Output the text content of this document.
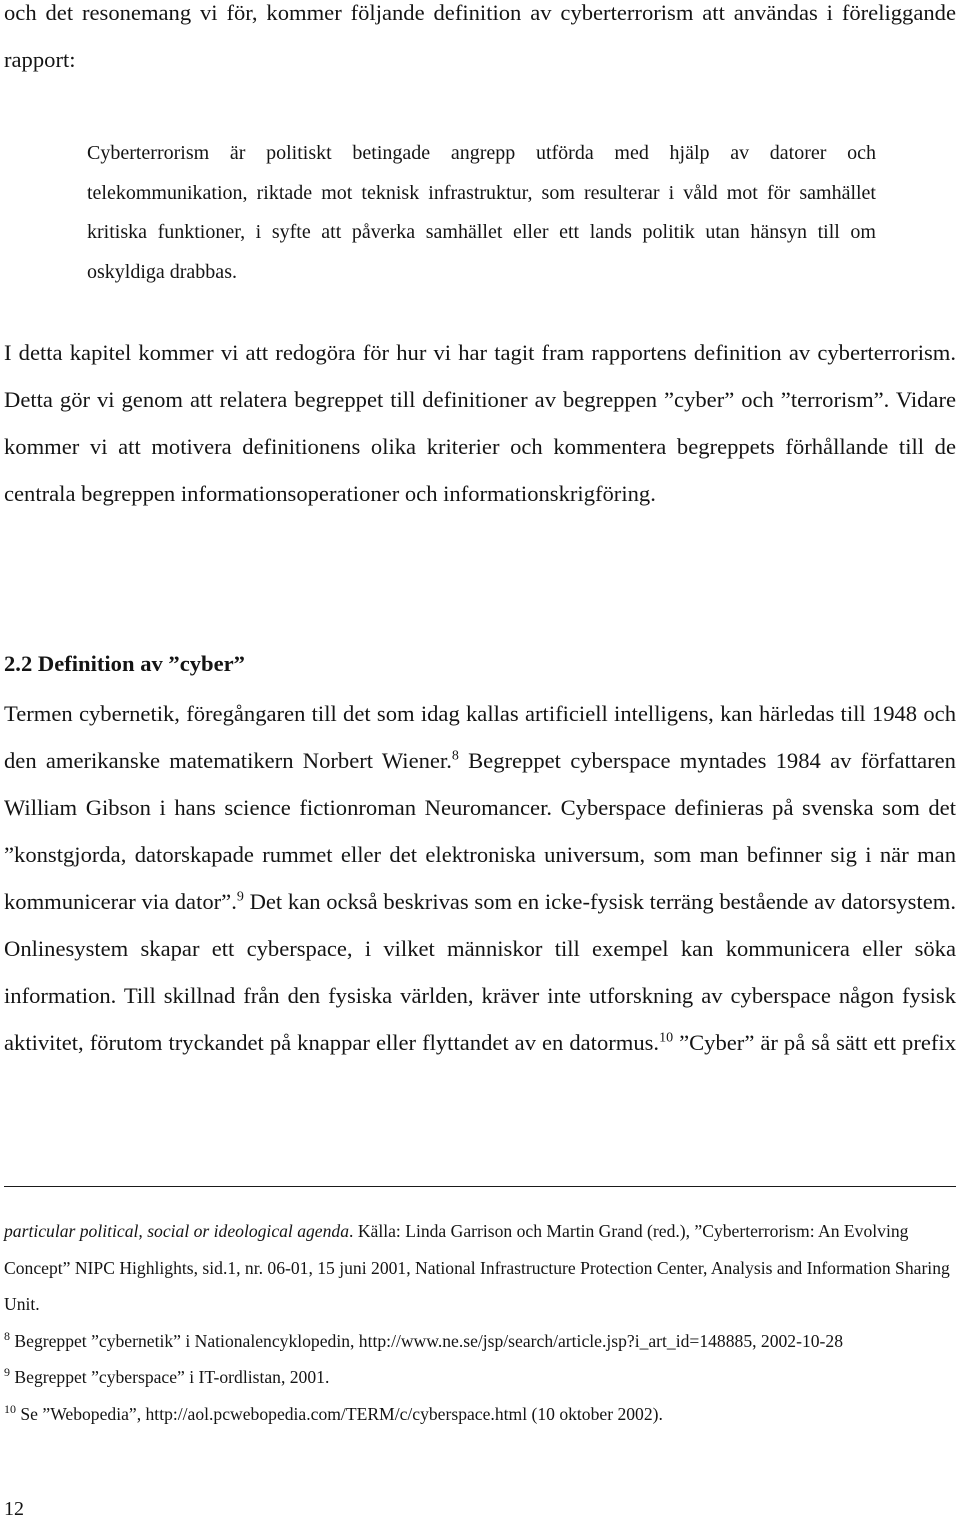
och det resonemang vi för, kommer följande definition av cyberterrorism att användas i föreliggande rapport:

Cyberterrorism är politiskt betingade angrepp utförda med hjälp av datorer och telekommunikation, riktade mot teknisk infrastruktur, som resulterar i våld mot för samhället kritiska funktioner, i syfte att påverka samhället eller ett lands politik utan hänsyn till om oskyldiga drabbas.

I detta kapitel kommer vi att redogöra för hur vi har tagit fram rapportens definition av cyberterrorism. Detta gör vi genom att relatera begreppet till definitioner av begreppen ”cyber” och ”terrorism”. Vidare kommer vi att motivera definitionens olika kriterier och kommentera begreppets förhållande till de centrala begreppen informationsoperationer och informationskrigföring.

2.2 Definition av ”cyber”

Termen cybernetik, föregångaren till det som idag kallas artificiell intelligens, kan härledas till 1948 och den amerikanske matematikern Norbert Wiener.$^8$ Begreppet cyberspace myntades 1984 av författaren William Gibson i hans science fictionroman Neuromancer. Cyberspace definieras på svenska som det ”konstgjorda, datorskapade rummet eller det elektroniska universum, som man befinner sig i när man kommunicerar via dator”.$^9$ Det kan också beskrivas som en icke-fysisk terräng bestående av datorsystem. Onlinesystem skapar ett cyberspace, i vilket människor till exempel kan kommunicera eller söka information. Till skillnad från den fysiska världen, kräver inte utforskning av cyberspace någon fysisk aktivitet, förutom tryckandet på knappar eller flyttandet av en datormus.$^{10}$ ”Cyber” är på så sätt ett prefix

particular political, social or ideological agenda. Källa: Linda Garrison och Martin Grand (red.), ”Cyberterrorism: An Evolving Concept” NIPC Highlights, sid.1, nr. 06-01, 15 juni 2001, National Infrastructure Protection Center, Analysis and Information Sharing Unit.

$^8$ Begreppet ”cybernetik” i Nationalencyklopedin, http://www.ne.se/jsp/search/article.jsp?i_art_id=148885, 2002-10-28

$^9$ Begreppet ”cyberspace” i IT-ordlistan, 2001.

$^{10}$ Se ”Webopedia”, http://aol.pcwebopedia.com/TERM/c/cyberspace.html (10 oktober 2002).

12
